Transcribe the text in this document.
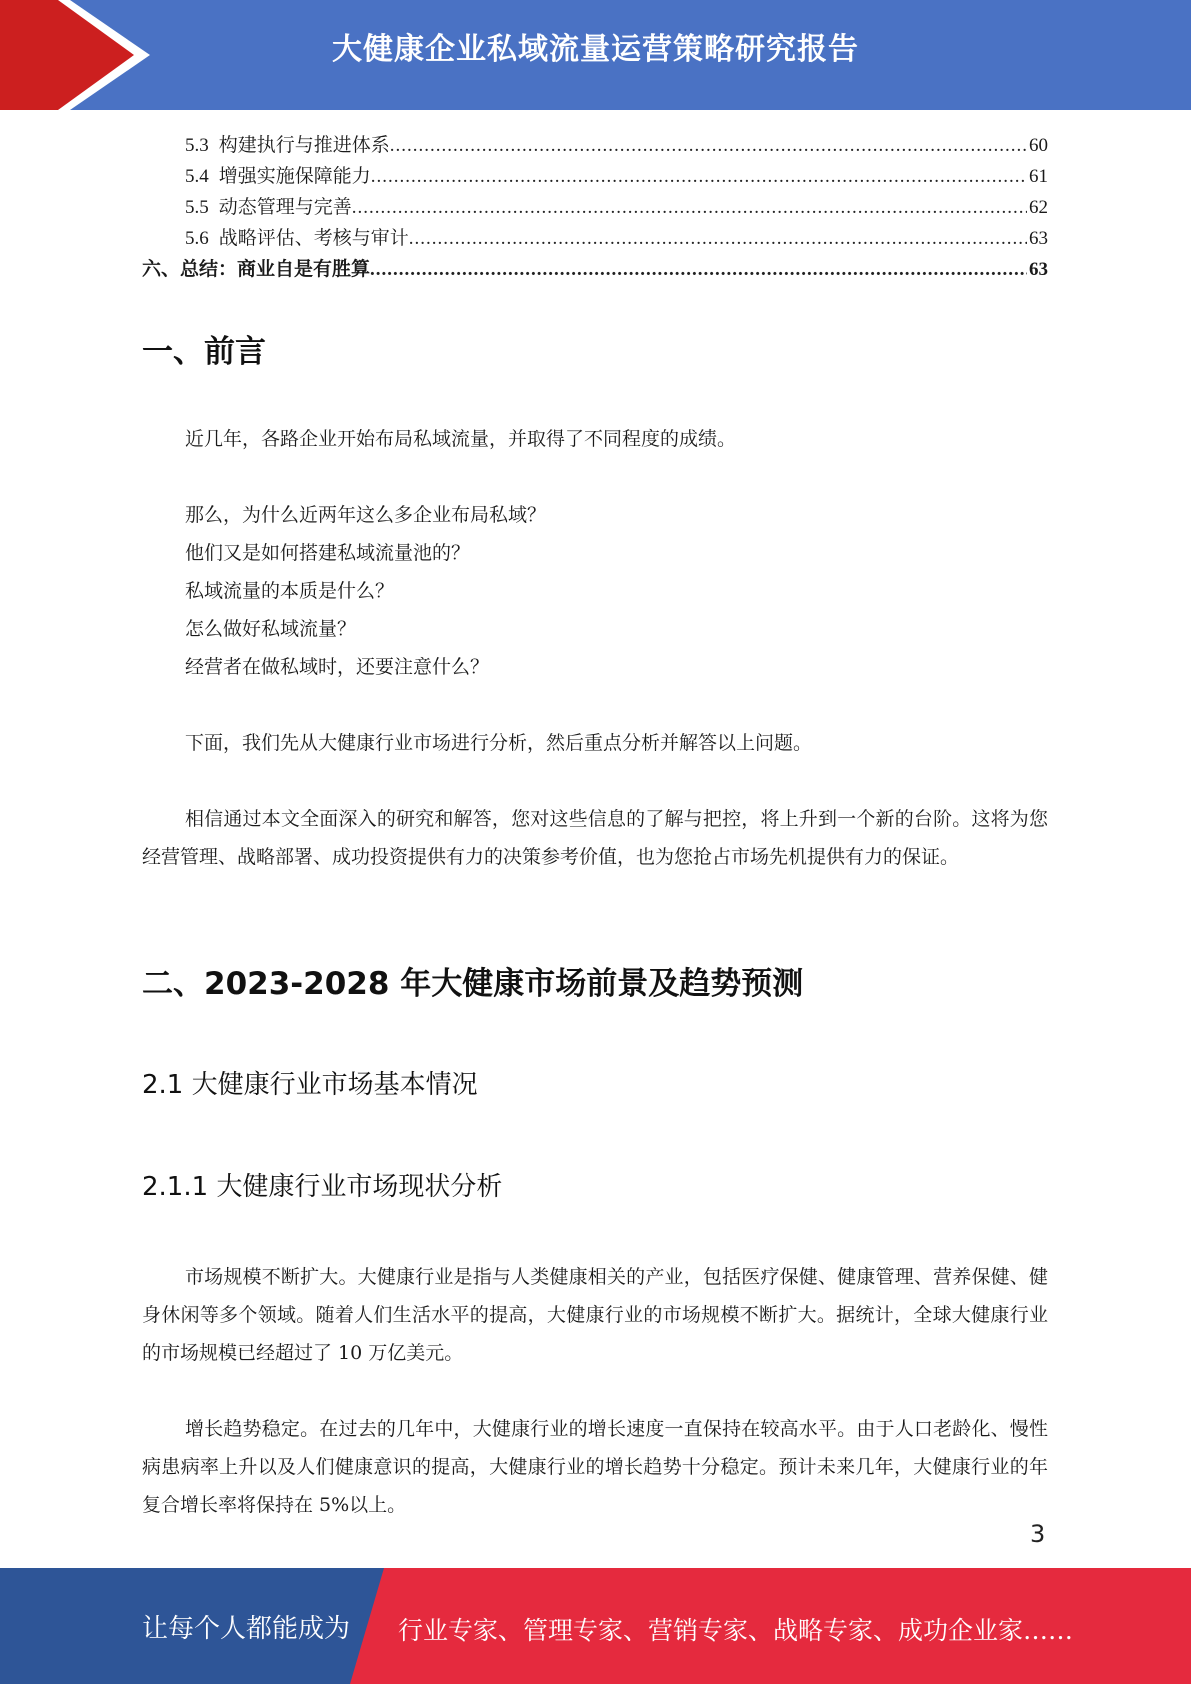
大健康企业私域流量运营策略研究报告
5.3 构建执行与推进体系 .....	60
5.4 增强实施保障能力 .....	61
5.5 动态管理与完善 .....	62
5.6 战略评估、考核与审计 .....	63
六、总结：商业自是有胜算 .....	63
一、前言
近几年，各路企业开始布局私域流量，并取得了不同程度的成绩。
那么，为什么近两年这么多企业布局私域？
他们又是如何搭建私域流量池的？
私域流量的本质是什么？
怎么做好私域流量？
经营者在做私域时，还要注意什么？
下面，我们先从大健康行业市场进行分析，然后重点分析并解答以上问题。
相信通过本文全面深入的研究和解答，您对这些信息的了解与把控，将上升到一个新的台阶。这将为您经营管理、战略部署、成功投资提供有力的决策参考价值，也为您抢占市场先机提供有力的保证。
二、2023-2028 年大健康市场前景及趋势预测
2.1 大健康行业市场基本情况
2.1.1 大健康行业市场现状分析
市场规模不断扩大。大健康行业是指与人类健康相关的产业，包括医疗保健、健康管理、营养保健、健身休闲等多个领域。随着人们生活水平的提高，大健康行业的市场规模不断扩大。据统计，全球大健康行业的市场规模已经超过了 10 万亿美元。
增长趋势稳定。在过去的几年中，大健康行业的增长速度一直保持在较高水平。由于人口老龄化、慢性病患病率上升以及人们健康意识的提高，大健康行业的增长趋势十分稳定。预计未来几年，大健康行业的年复合增长率将保持在 5%以上。
3
让每个人都能成为 行业专家、管理专家、营销专家、战略专家、成功企业家……
